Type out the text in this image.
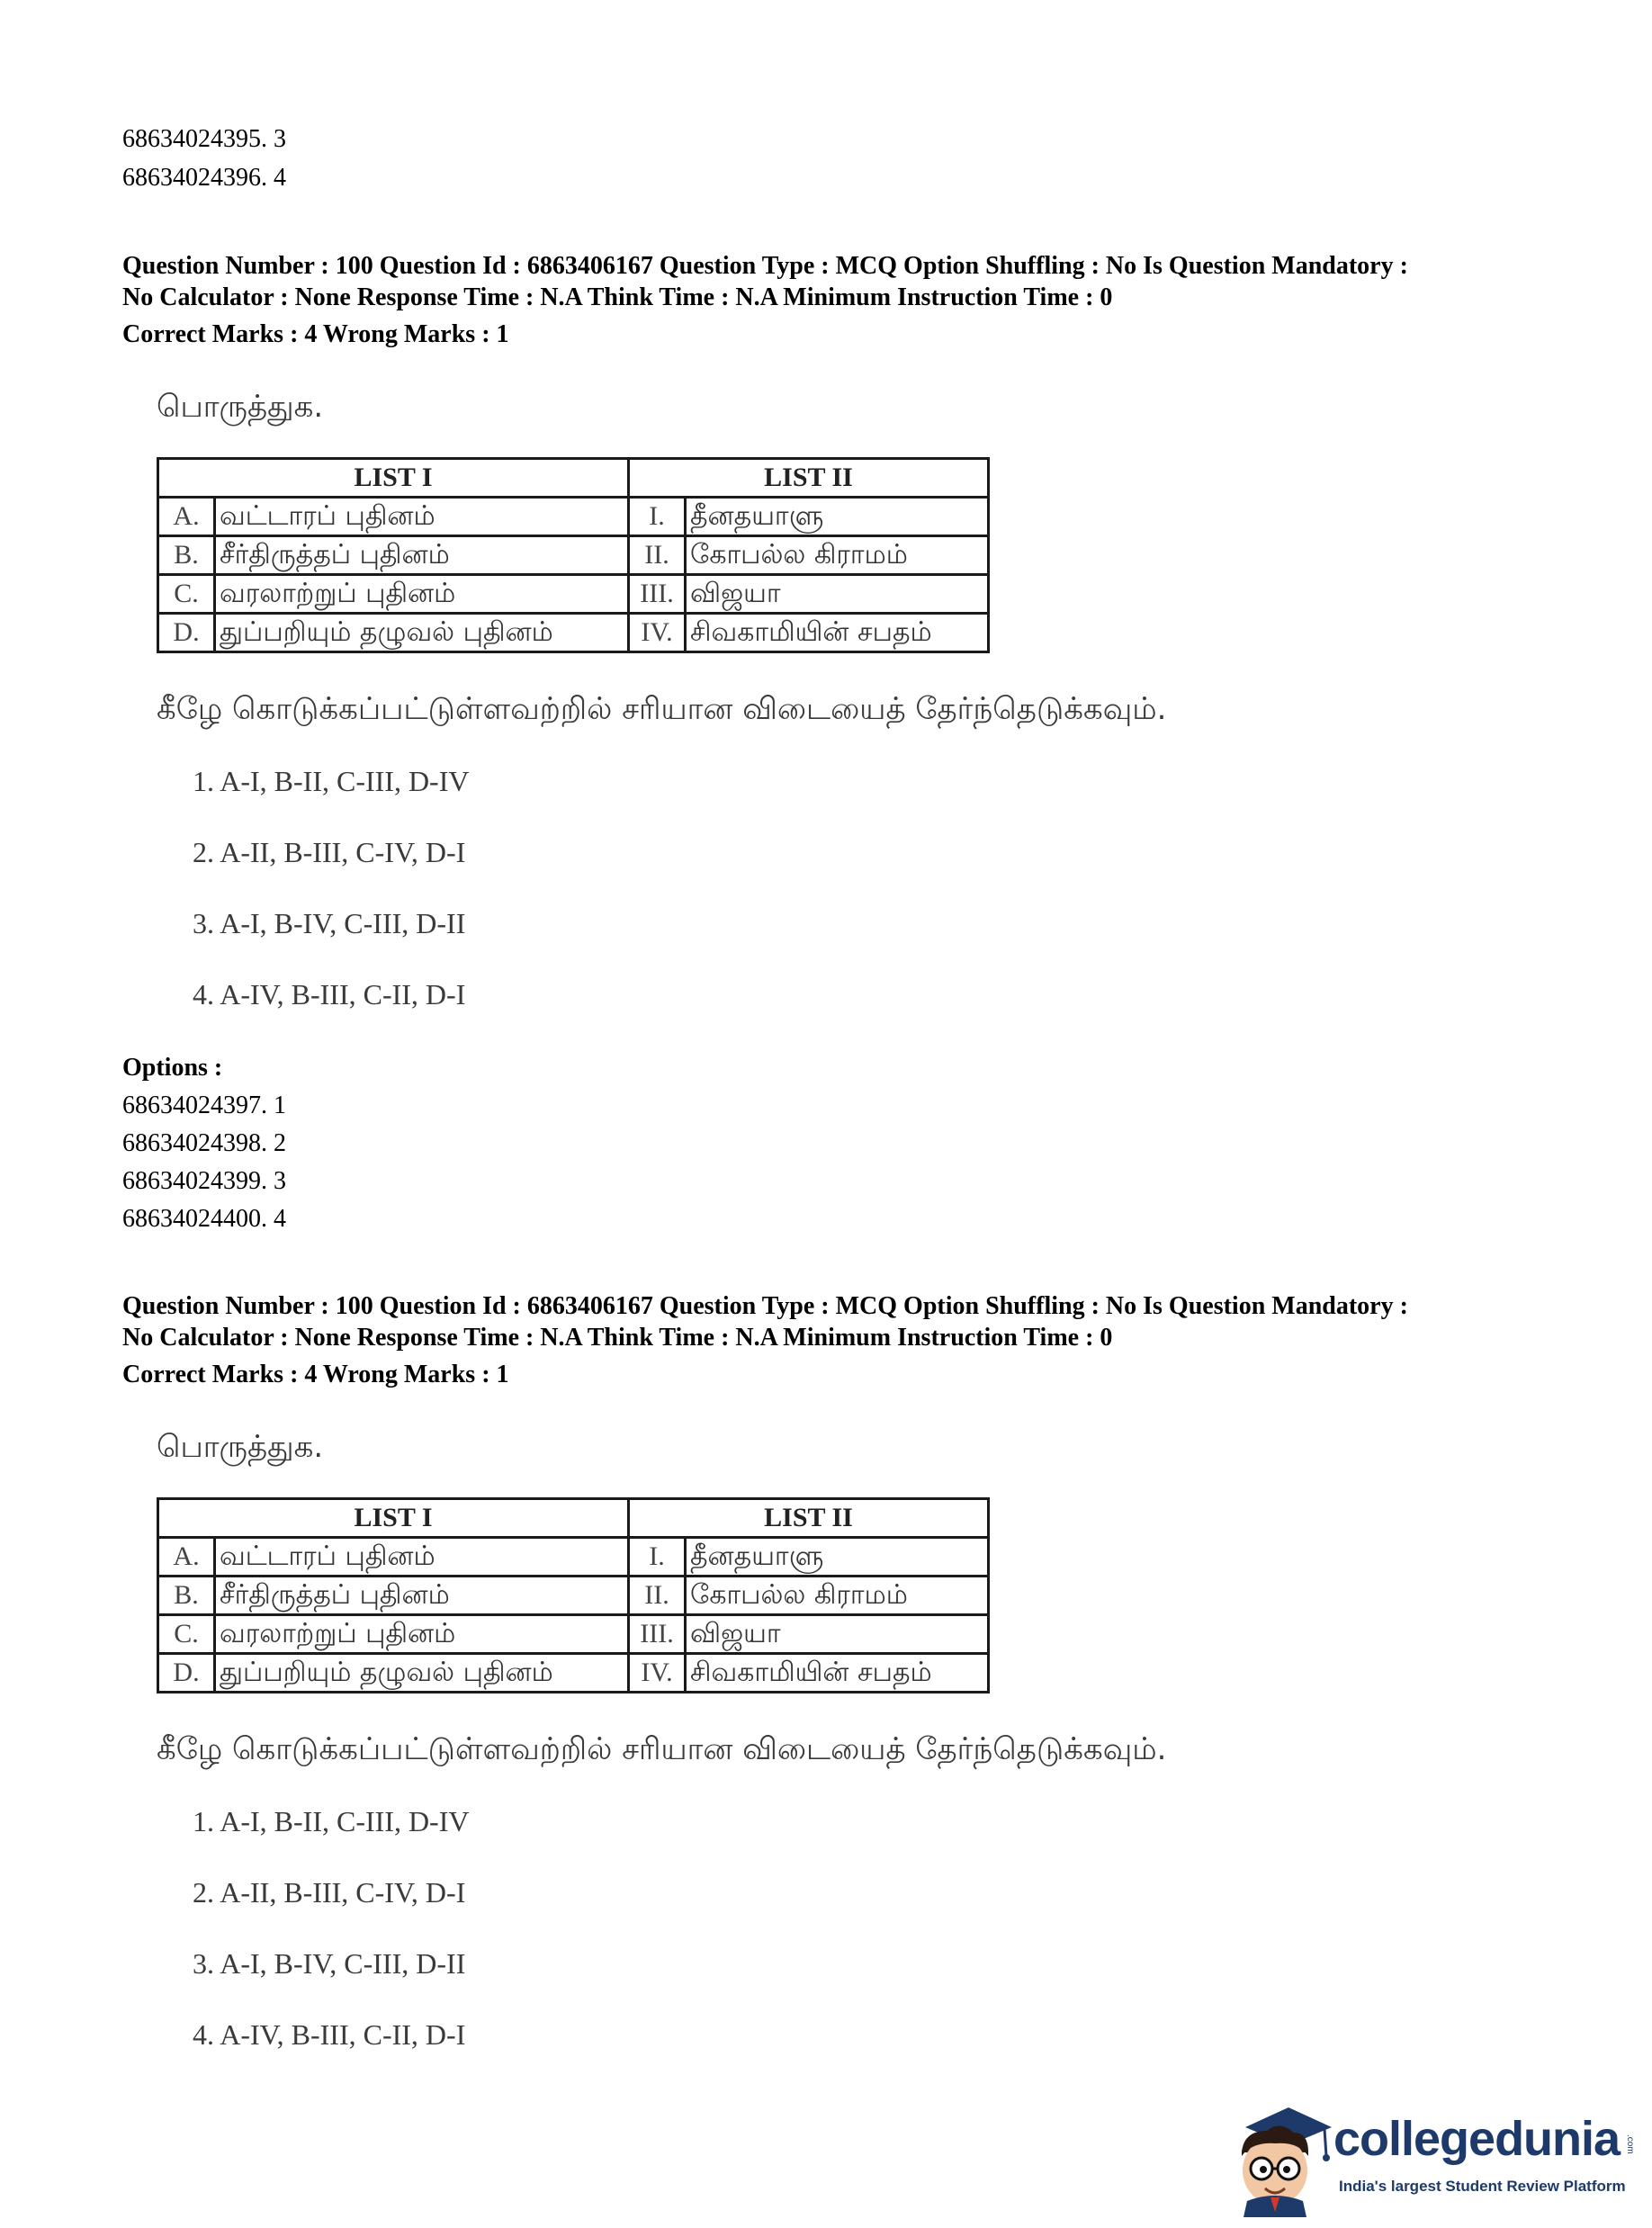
68634024395. 3
68634024396. 4
Question Number : 100 Question Id : 6863406167 Question Type : MCQ Option Shuffling : No Is Question Mandatory :
No Calculator : None Response Time : N.A Think Time : N.A Minimum Instruction Time : 0
Correct Marks : 4 Wrong Marks : 1
பொருத்துக.
LIST I		LIST II	
A.	வட்டாரப் புதினம்	I.	தீனதயாளு
B.	சீர்திருத்தப் புதினம்	II.	கோபல்ல கிராமம்
C.	வரலாற்றுப் புதினம்	III.	விஜயா
D.	துப்பறியும் தழுவல் புதினம்	IV.	சிவகாமியின் சபதம்
கீழே கொடுக்கப்பட்டுள்ளவற்றில் சரியான விடையைத் தேர்ந்தெடுக்கவும்.
1. A-I, B-II, C-III, D-IV
2. A-II, B-III, C-IV, D-I
3. A-I, B-IV, C-III, D-II
4. A-IV, B-III, C-II, D-I
Options :
68634024397. 1
68634024398. 2
68634024399. 3
68634024400. 4
Question Number : 100 Question Id : 6863406167 Question Type : MCQ Option Shuffling : No Is Question Mandatory :
No Calculator : None Response Time : N.A Think Time : N.A Minimum Instruction Time : 0
Correct Marks : 4 Wrong Marks : 1
பொருத்துக.
LIST I		LIST II	
A.	வட்டாரப் புதினம்	I.	தீனதயாளு
B.	சீர்திருத்தப் புதினம்	II.	கோபல்ல கிராமம்
C.	வரலாற்றுப் புதினம்	III.	விஜயா
D.	துப்பறியும் தழுவல் புதினம்	IV.	சிவகாமியின் சபதம்
கீழே கொடுக்கப்பட்டுள்ளவற்றில் சரியான விடையைத் தேர்ந்தெடுக்கவும்.
1. A-I, B-II, C-III, D-IV
2. A-II, B-III, C-IV, D-I
3. A-I, B-IV, C-III, D-II
4. A-IV, B-III, C-II, D-I
collegedunia .com
India's largest Student Review Platform
